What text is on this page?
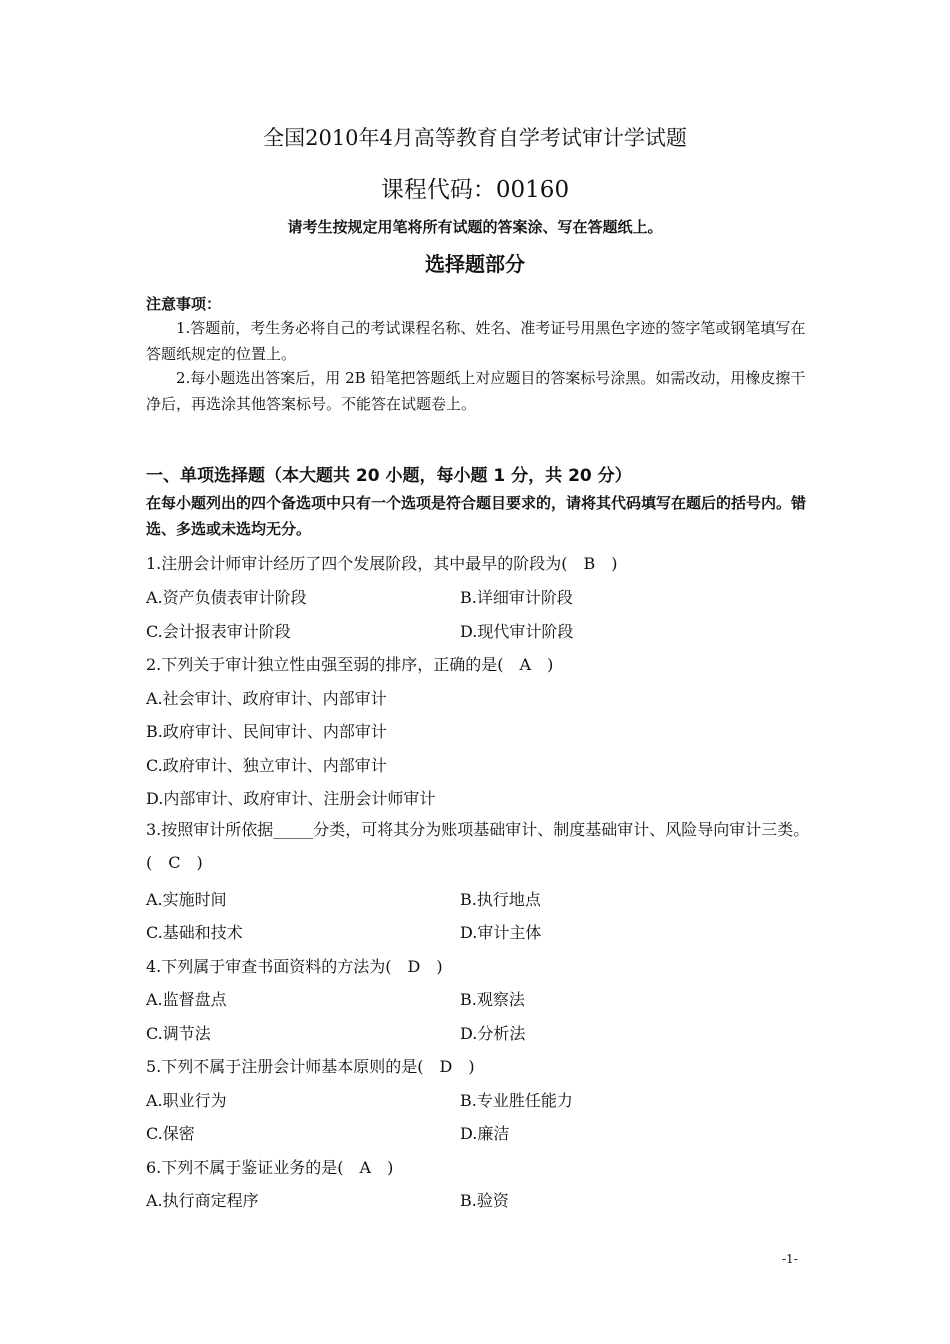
全国2010年4月高等教育自学考试审计学试题
课程代码：00160
请考生按规定用笔将所有试题的答案涂、写在答题纸上。
选择题部分
注意事项：
1.答题前，考生务必将自己的考试课程名称、姓名、准考证号用黑色字迹的签字笔或钢笔填写在答题纸规定的位置上。
2.每小题选出答案后，用 2B 铅笔把答题纸上对应题目的答案标号涂黑。如需改动，用橡皮擦干净后，再选涂其他答案标号。不能答在试题卷上。
一、单项选择题（本大题共 20 小题，每小题 1 分，共 20 分）
在每小题列出的四个备选项中只有一个选项是符合题目要求的，请将其代码填写在题后的括号内。错选、多选或未选均无分。
1.注册会计师审计经历了四个发展阶段，其中最早的阶段为(　B　)
A.资产负债表审计阶段	B.详细审计阶段
C.会计报表审计阶段	D.现代审计阶段
2.下列关于审计独立性由强至弱的排序，正确的是(　A　)
A.社会审计、政府审计、内部审计
B.政府审计、民间审计、内部审计
C.政府审计、独立审计、内部审计
D.内部审计、政府审计、注册会计师审计
3.按照审计所依据_____分类，可将其分为账项基础审计、制度基础审计、风险导向审计三类。(　C　)
A.实施时间	B.执行地点
C.基础和技术	D.审计主体
4.下列属于审查书面资料的方法为(　D　)
A.监督盘点	B.观察法
C.调节法	D.分析法
5.下列不属于注册会计师基本原则的是(　D　)
A.职业行为	B.专业胜任能力
C.保密	D.廉洁
6.下列不属于鉴证业务的是(　A　)
A.执行商定程序	B.验资
-1-
